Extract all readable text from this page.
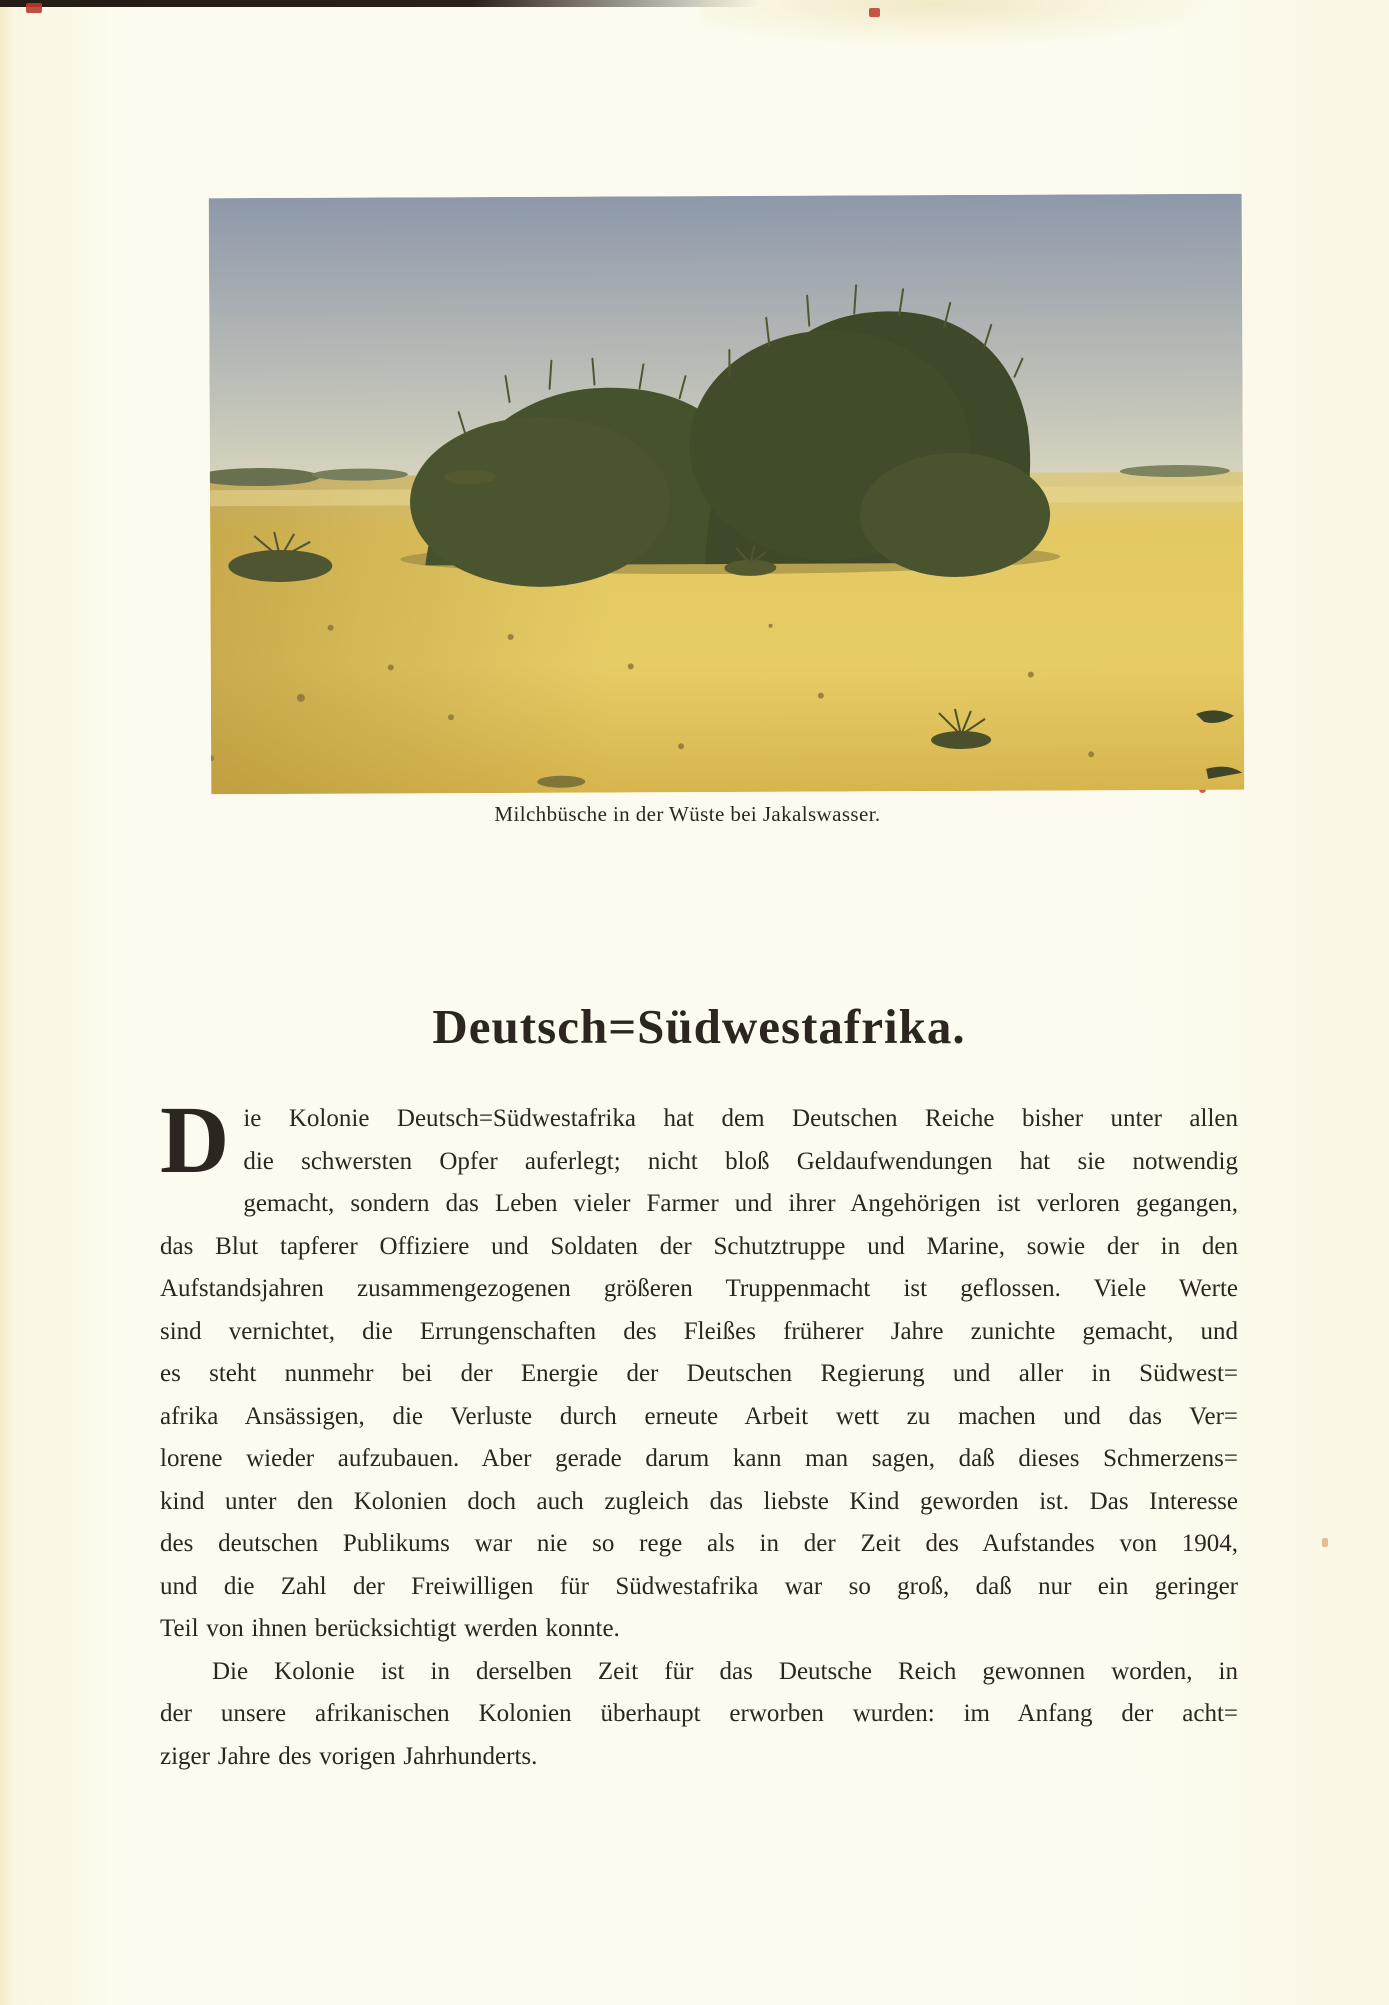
Milchbüsche in der Wüste bei Jakalswasser.
Deutsch=Südwestafrika.
D ie Kolonie Deutsch=Südwestafrika hat dem Deutschen Reiche bisher unter allen
die schwersten Opfer auferlegt; nicht bloß Geldaufwendungen hat sie notwendig
gemacht, sondern das Leben vieler Farmer und ihrer Angehörigen ist verloren gegangen,
das Blut tapferer Offiziere und Soldaten der Schutztruppe und Marine, sowie der in den
Aufstandsjahren zusammengezogenen größeren Truppenmacht ist geflossen. Viele Werte
sind vernichtet, die Errungenschaften des Fleißes früherer Jahre zunichte gemacht, und
es steht nunmehr bei der Energie der Deutschen Regierung und aller in Südwest=
afrika Ansässigen, die Verluste durch erneute Arbeit wett zu machen und das Ver=
lorene wieder aufzubauen. Aber gerade darum kann man sagen, daß dieses Schmerzens=
kind unter den Kolonien doch auch zugleich das liebste Kind geworden ist. Das Interesse
des deutschen Publikums war nie so rege als in der Zeit des Aufstandes von 1904,
und die Zahl der Freiwilligen für Südwestafrika war so groß, daß nur ein geringer
Teil von ihnen berücksichtigt werden konnte.
Die Kolonie ist in derselben Zeit für das Deutsche Reich gewonnen worden, in
der unsere afrikanischen Kolonien überhaupt erworben wurden: im Anfang der acht=
ziger Jahre des vorigen Jahrhunderts.
